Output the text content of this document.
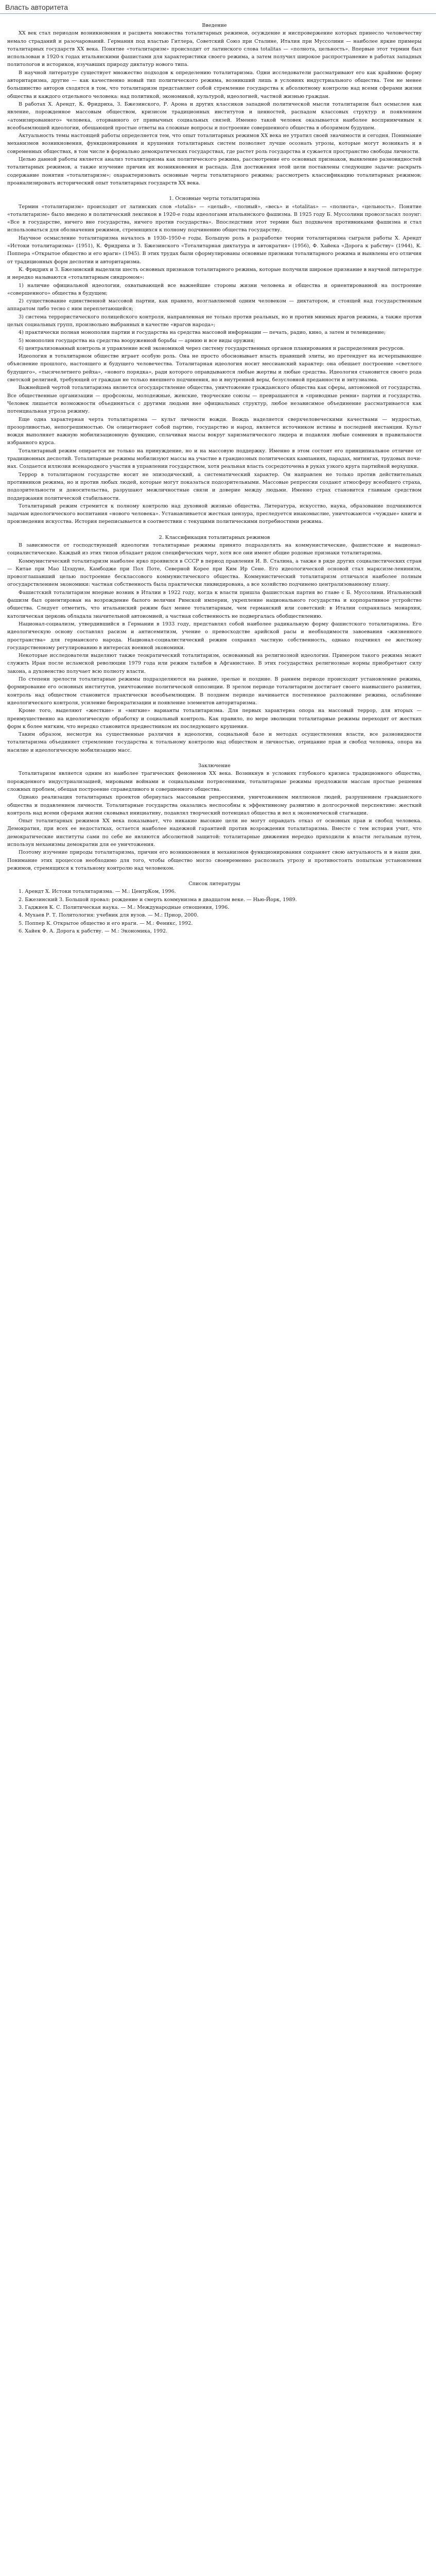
Власть авторитета
Введение

XX век стал периодом возникновения и расцвета множества тоталитарных режимов, осуждение и ниспровержение которых принесло человечеству немало страданий и разочарований. Германия под властью Гитлера, Советский Союз при Сталине, Италия при Муссолини — наиболее яркие примеры тоталитарных государств XX века. Понятие «тоталитаризм» происходит от латинского слова totalitas — «полнота, цельность». Впервые этот термин был использован в 1920-х годах итальянскими фашистами для характеристики своего режима, а затем получил широкое распространение в работах западных политологов и историков, изучавших природу диктатур нового типа.

В научной литературе существует множество подходов к определению тоталитаризма. Одни исследователи рассматривают его как крайнюю форму авторитаризма, другие — как качественно новый тип политического режима, возникший лишь в условиях индустриального общества. Тем не менее большинство авторов сходятся в том, что тоталитаризм представляет собой стремление государства к абсолютному контролю над всеми сферами жизни общества и каждого отдельного человека: над политикой, экономикой, культурой, идеологией, частной жизнью граждан.

В работах Х. Арендт, К. Фридриха, З. Бжезинского, Р. Арона и других классиков западной политической мысли тоталитаризм был осмыслен как явление, порожденное массовым обществом, кризисом традиционных институтов и ценностей, распадом классовых структур и появлением «атомизированного» человека, оторванного от привычных социальных связей. Именно такой человек оказывается наиболее восприимчивым к всеобъемлющей идеологии, обещающей простые ответы на сложные вопросы и построение совершенного общества в обозримом будущем.

Актуальность темы настоящей работы определяется тем, что опыт тоталитарных режимов XX века не утратил своей значимости и сегодня. Понимание механизмов возникновения, функционирования и крушения тоталитарных систем позволяет лучше осознать угрозы, которые могут возникать и в современных обществах, в том числе в формально демократических государствах, где растет роль государства и сужается пространство свободы личности.

Целью данной работы является анализ тоталитаризма как политического режима, рассмотрение его основных признаков, выявление разновидностей тоталитарных режимов, а также изучение причин их возникновения и распада. Для достижения этой цели поставлены следующие задачи: раскрыть содержание понятия «тоталитаризм»; охарактеризовать основные черты тоталитарного режима; рассмотреть классификацию тоталитарных режимов; проанализировать исторический опыт тоталитарных государств XX века.

1. Основные черты тоталитаризма

Термин «тоталитаризм» происходит от латинских слов «totalis» — «целый», «полный», «весь» и «totalitas» — «полнота», «цельность». Понятие «тоталитаризм» было введено в политический лексикон в 1920-е годы идеологами итальянского фашизма. В 1925 году Б. Муссолини провозгласил лозунг: «Все в государстве, ничего вне государства, ничего против государства». Впоследствии этот термин был подхвачен противниками фашизма и стал использоваться для обозначения режимов, стремящихся к полному подчинению общества государству.

Научное осмысление тоталитаризма началось в 1930–1950-е годы. Большую роль в разработке теории тоталитаризма сыграли работы Х. Арендт «Истоки тоталитаризма» (1951), К. Фридриха и З. Бжезинского «Тоталитарная диктатура и автократия» (1956), Ф. Хайека «Дорога к рабству» (1944), К. Поппера «Открытое общество и его враги» (1945). В этих трудах были сформулированы основные признаки тоталитарного режима и выявлены его отличия от традиционных форм деспотии и авторитаризма.

К. Фридрих и З. Бжезинский выделили шесть основных признаков тоталитарного режима, которые получили широкое признание в научной литературе и нередко называются «тоталитарным синдромом»:

1) наличие официальной идеологии, охватывающей все важнейшие стороны жизни человека и общества и ориентированной на построение «совершенного» общества в будущем;

2) существование единственной массовой партии, как правило, возглавляемой одним человеком — диктатором, и стоящей над государственным аппаратом либо тесно с ним переплетающейся;

3) система террористического полицейского контроля, направленная не только против реальных, но и против мнимых врагов режима, а также против целых социальных групп, произвольно выбранных в качестве «врагов народа»;

4) практически полная монополия партии и государства на средства массовой информации — печать, радио, кино, а затем и телевидение;

5) монополия государства на средства вооруженной борьбы — армию и все виды оружия;

6) централизованный контроль и управление всей экономикой через систему государственных органов планирования и распределения ресурсов.

Идеология в тоталитарном обществе играет особую роль. Она не просто обосновывает власть правящей элиты, но претендует на исчерпывающее объяснение прошлого, настоящего и будущего человечества. Тоталитарная идеология носит мессианский характер: она обещает построение «светлого будущего», «тысячелетнего рейха», «нового порядка», ради которого оправдываются любые жертвы и любые средства. Идеология становится своего рода светской религией, требующей от граждан не только внешнего подчинения, но и внутренней веры, безусловной преданности и энтузиазма.

Важнейшей чертой тоталитаризма является огосударствление общества, уничтожение гражданского общества как сферы, автономной от государства. Все общественные организации — профсоюзы, молодежные, женские, творческие союзы — превращаются в «приводные ремни» партии и государства. Человек лишается возможности объединяться с другими людьми вне официальных структур, любое независимое объединение рассматривается как потенциальная угроза режиму.

Еще одна характерная черта тоталитаризма — культ личности вождя. Вождь наделяется сверхчеловеческими качествами — мудростью, прозорливостью, непогрешимостью. Он олицетворяет собой партию, государство и народ, является источником истины в последней инстанции. Культ вождя выполняет важную мобилизационную функцию, сплачивая массы вокруг харизматического лидера и подавляя любые сомнения в правильности избранного курса.

Тоталитарный режим опирается не только на принуждение, но и на массовую поддержку. Именно в этом состоит его принципиальное отличие от традиционных деспотий. Тоталитарные режимы мобилизуют массы на участие в грандиозных политических кампаниях, парадах, митингах, трудовых починах. Создается иллюзия всенародного участия в управлении государством, хотя реальная власть сосредоточена в руках узкого круга партийной верхушки.

Террор в тоталитарном государстве носит не эпизодический, а систематический характер. Он направлен не только против действительных противников режима, но и против любых людей, которые могут показаться подозрительными. Массовые репрессии создают атмосферу всеобщего страха, подозрительности и доносительства, разрушают межличностные связи и доверие между людьми. Именно страх становится главным средством поддержания политической стабильности.

Тоталитарный режим стремится к полному контролю над духовной жизнью общества. Литература, искусство, наука, образование подчиняются задачам идеологического воспитания «нового человека». Устанавливается жесткая цензура, преследуется инакомыслие, уничтожаются «чуждые» книги и произведения искусства. История переписывается в соответствии с текущими политическими потребностями режима.

2. Классификация тоталитарных режимов

В зависимости от господствующей идеологии тоталитарные режимы принято подразделять на коммунистические, фашистские и национал-социалистические. Каждый из этих типов обладает рядом специфических черт, хотя все они имеют общие родовые признаки тоталитаризма.

Коммунистический тоталитаризм наиболее ярко проявился в СССР в период правления И. В. Сталина, а также в ряде других социалистических стран — Китае при Мао Цзэдуне, Камбодже при Пол Поте, Северной Корее при Ким Ир Сене. Его идеологической основой стал марксизм-ленинизм, провозглашавший целью построение бесклассового коммунистического общества. Коммунистический тоталитаризм отличался наиболее полным огосударствлением экономики: частная собственность была практически ликвидирована, а все хозяйство подчинено централизованному плану.

Фашистский тоталитаризм впервые возник в Италии в 1922 году, когда к власти пришла фашистская партия во главе с Б. Муссолини. Итальянский фашизм был ориентирован на возрождение былого величия Римской империи, укрепление национального государства и корпоративное устройство общества. Следует отметить, что итальянский режим был менее тоталитарным, чем германский или советский: в Италии сохранялась монархия, католическая церковь обладала значительной автономией, а частная собственность не подвергалась обобществлению.

Национал-социализм, утвердившийся в Германии в 1933 году, представлял собой наиболее радикальную форму фашистского тоталитаризма. Его идеологическую основу составлял расизм и антисемитизм, учение о превосходстве арийской расы и необходимости завоевания «жизненного пространства» для германского народа. Национал-социалистический режим сохранял частную собственность, однако подчинял ее жесткому государственному регулированию в интересах военной экономики.

Некоторые исследователи выделяют также теократический тоталитаризм, основанный на религиозной идеологии. Примером такого режима может служить Иран после исламской революции 1979 года или режим талибов в Афганистане. В этих государствах религиозные нормы приобретают силу закона, а духовенство получает всю полноту власти.

По степени зрелости тоталитарные режимы подразделяются на ранние, зрелые и поздние. В раннем периоде происходит установление режима, формирование его основных институтов, уничтожение политической оппозиции. В зрелом периоде тоталитаризм достигает своего наивысшего развития, контроль над обществом становится практически всеобъемлющим. В позднем периоде начинается постепенное разложение режима, ослабление идеологического контроля, усиление бюрократизации и появление элементов авторитаризма.

Кроме того, выделяют «жесткие» и «мягкие» варианты тоталитаризма. Для первых характерна опора на массовый террор, для вторых — преимущественно на идеологическую обработку и социальный контроль. Как правило, по мере эволюции тоталитарные режимы переходят от жестких форм к более мягким, что нередко становится предвестником их последующего крушения.

Таким образом, несмотря на существенные различия в идеологии, социальной базе и методах осуществления власти, все разновидности тоталитаризма объединяет стремление государства к тотальному контролю над обществом и личностью, отрицание прав и свобод человека, опора на насилие и идеологическую мобилизацию масс.

Заключение

Тоталитаризм является одним из наиболее трагических феноменов XX века. Возникнув в условиях глубокого кризиса традиционного общества, порожденного индустриализацией, мировыми войнами и социальными потрясениями, тоталитарные режимы предложили массам простые решения сложных проблем, обещая построение справедливого и совершенного общества.

Однако реализация тоталитарных проектов обернулась массовыми репрессиями, уничтожением миллионов людей, разрушением гражданского общества и подавлением личности. Тоталитарные государства оказались неспособны к эффективному развитию в долгосрочной перспективе: жесткий контроль над всеми сферами жизни сковывал инициативу, подавлял творческий потенциал общества и вел к экономической стагнации.

Опыт тоталитарных режимов XX века показывает, что никакие высокие цели не могут оправдать отказ от основных прав и свобод человека. Демократия, при всех ее недостатках, остается наиболее надежной гарантией против возрождения тоталитаризма. Вместе с тем история учит, что демократические институты сами по себе не являются абсолютной защитой: тоталитарные движения нередко приходили к власти легальным путем, используя механизмы демократии для ее уничтожения.

Поэтому изучение природы тоталитаризма, причин его возникновения и механизмов функционирования сохраняет свою актуальность и в наши дни. Понимание этих процессов необходимо для того, чтобы общество могло своевременно распознать угрозу и противостоять попыткам установления режимов, стремящихся к тотальному контролю над человеком.

Список литературы
1. Арендт Х. Истоки тоталитаризма. — М.: ЦентрКом, 1996.
2. Бжезинский З. Большой провал: рождение и смерть коммунизма в двадцатом веке. — Нью-Йорк, 1989.
3. Гаджиев К. С. Политическая наука. — М.: Международные отношения, 1996.
4. Мухаев Р. Т. Политология: учебник для вузов. — М.: Приор, 2000.
5. Поппер К. Открытое общество и его враги. — М.: Феникс, 1992.
6. Хайек Ф. А. Дорога к рабству. — М.: Экономика, 1992.
